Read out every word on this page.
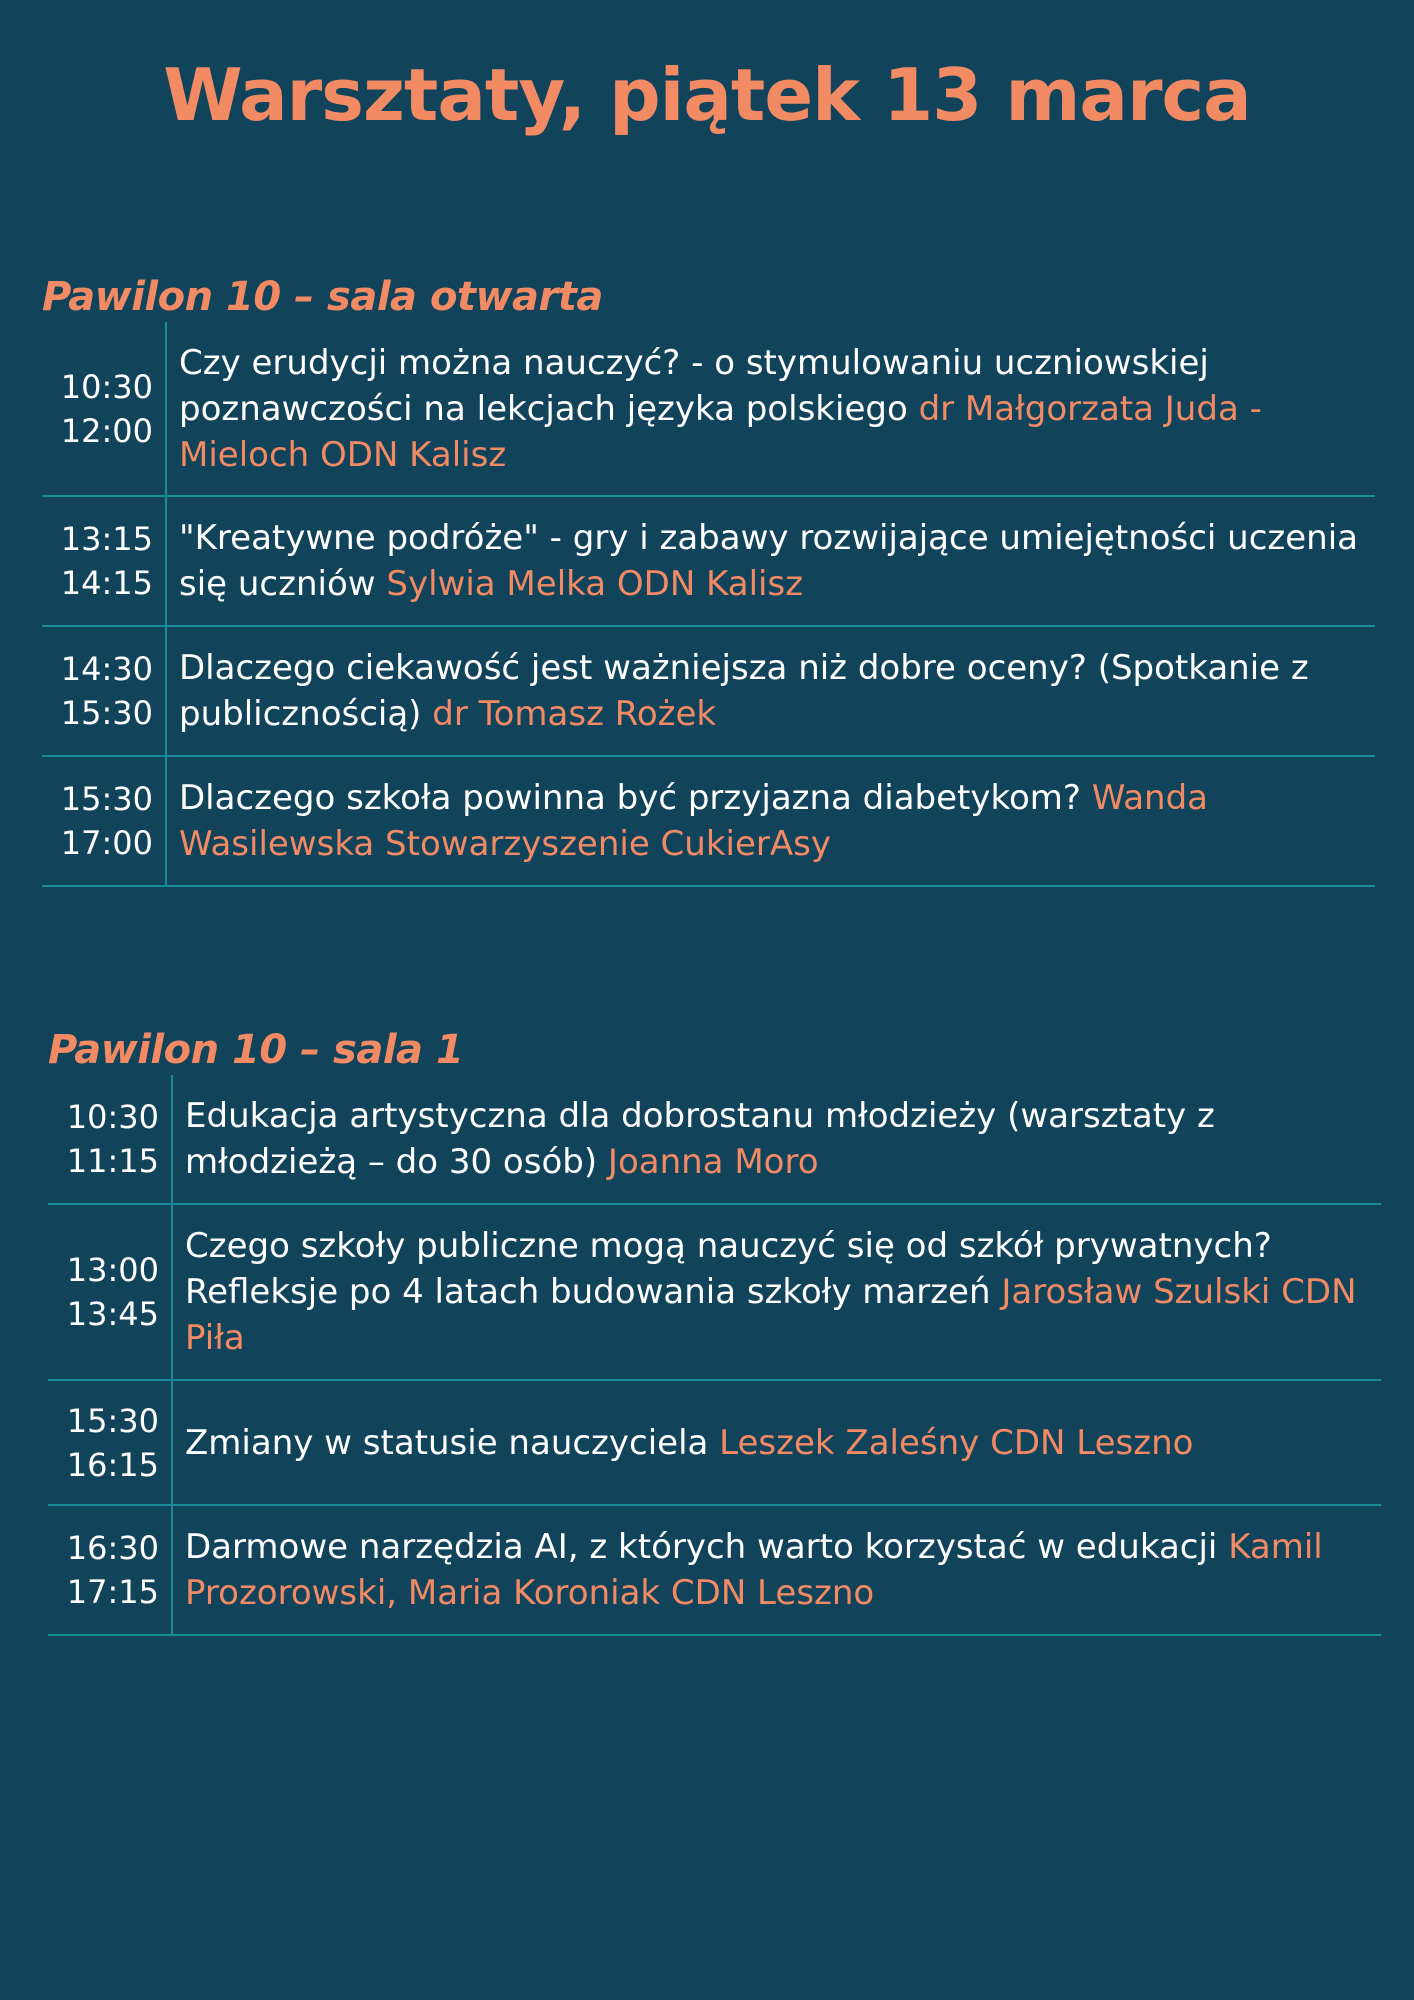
Warsztaty, piątek 13 marca
Pawilon 10 – sala otwarta
10:30
12:00

Czy erudycji można nauczyć? - o stymulowaniu uczniowskiej poznawczości na lekcjach języka polskiego dr Małgorzata Juda - Mieloch ODN Kalisz

13:15
14:15

"Kreatywne podróże" - gry i zabawy rozwijające umiejętności uczenia się uczniów Sylwia Melka ODN Kalisz

14:30
15:30

Dlaczego ciekawość jest ważniejsza niż dobre oceny? (Spotkanie z publicznością) dr Tomasz Rożek

15:30
17:00

Dlaczego szkoła powinna być przyjazna diabetykom? Wanda Wasilewska Stowarzyszenie CukierAsy

Pawilon 10 – sala 1
10:30
11:15

Edukacja artystyczna dla dobrostanu młodzieży (warsztaty z młodzieżą – do 30 osób) Joanna Moro

13:00
13:45

Czego szkoły publiczne mogą nauczyć się od szkół prywatnych? Refleksje po 4 latach budowania szkoły marzeń Jarosław Szulski CDN Piła

15:30
16:15

Zmiany w statusie nauczyciela Leszek Zaleśny CDN Leszno

16:30
17:15

Darmowe narzędzia AI, z których warto korzystać w edukacji Kamil Prozorowski, Maria Koroniak CDN Leszno
